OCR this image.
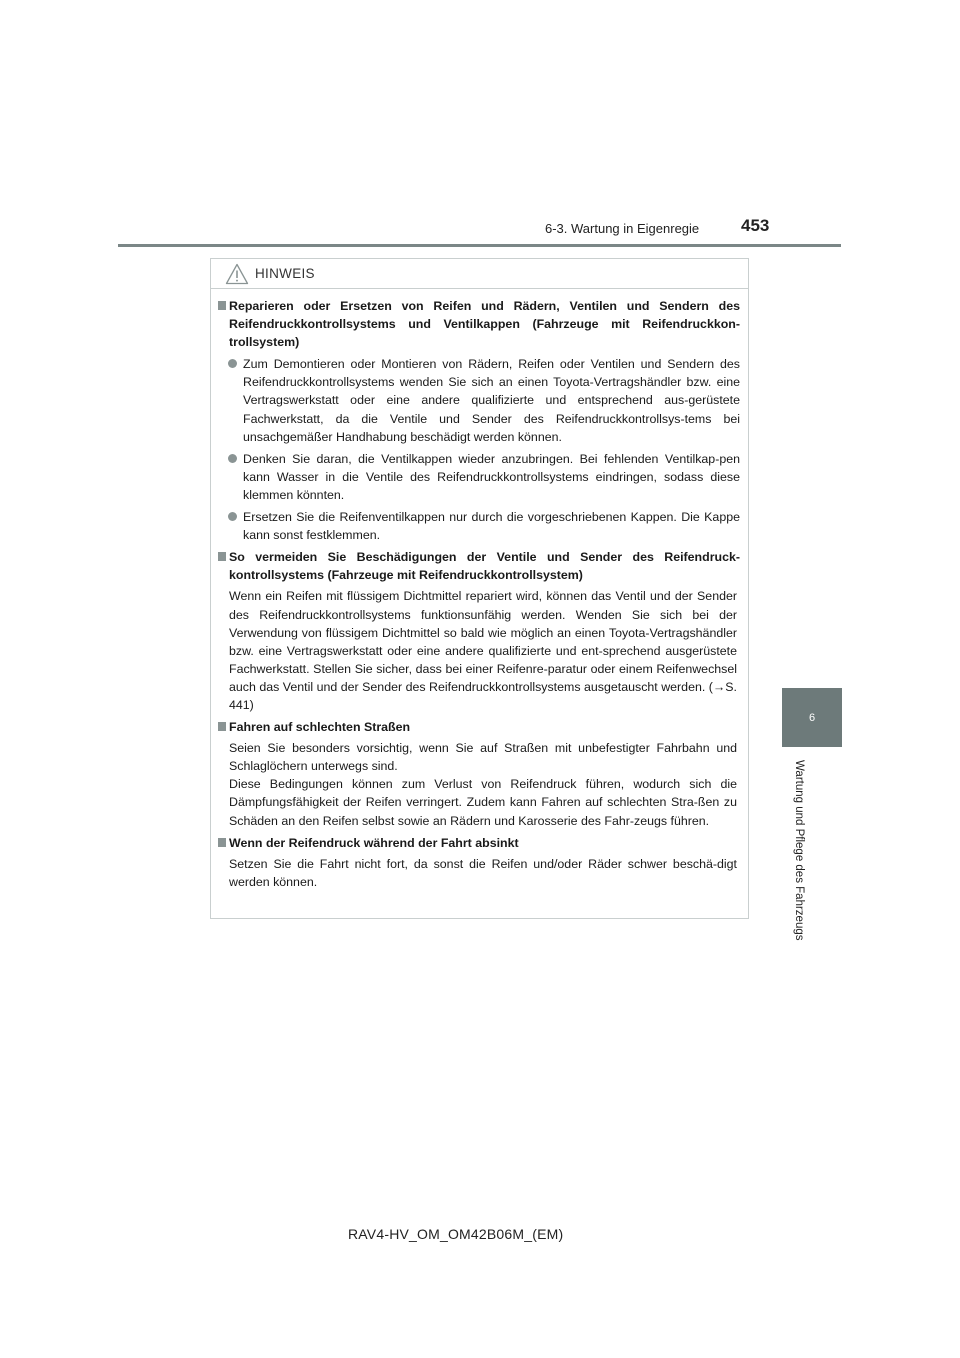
6-3. Wartung in Eigenregie 453
6
Wartung und Pflege des Fahrzeugs
HINWEIS
Reparieren oder Ersetzen von Reifen und Rädern, Ventilen und Sendern des Reifendruckkontrollsystems und Ventilkappen (Fahrzeuge mit Reifendruckkon-trollsystem)
Zum Demontieren oder Montieren von Rädern, Reifen oder Ventilen und Sendern des Reifendruckkontrollsystems wenden Sie sich an einen Toyota-Vertragshändler bzw. eine Vertragswerkstatt oder eine andere qualifizierte und entsprechend aus-gerüstete Fachwerkstatt, da die Ventile und Sender des Reifendruckkontrollsys-tems bei unsachgemäßer Handhabung beschädigt werden können.
Denken Sie daran, die Ventilkappen wieder anzubringen. Bei fehlenden Ventilkap-pen kann Wasser in die Ventile des Reifendruckkontrollsystems eindringen, sodass diese klemmen könnten.
Ersetzen Sie die Reifenventilkappen nur durch die vorgeschriebenen Kappen. Die Kappe kann sonst festklemmen.
So vermeiden Sie Beschädigungen der Ventile und Sender des Reifendruck-kontrollsystems (Fahrzeuge mit Reifendruckkontrollsystem)
Wenn ein Reifen mit flüssigem Dichtmittel repariert wird, können das Ventil und der Sender des Reifendruckkontrollsystems funktionsunfähig werden. Wenden Sie sich bei der Verwendung von flüssigem Dichtmittel so bald wie möglich an einen Toyota-Vertragshändler bzw. eine Vertragswerkstatt oder eine andere qualifizierte und ent-sprechend ausgerüstete Fachwerkstatt. Stellen Sie sicher, dass bei einer Reifenre-paratur oder einem Reifenwechsel auch das Ventil und der Sender des Reifendruckkontrollsystems ausgetauscht werden. (→S. 441)
Fahren auf schlechten Straßen
Seien Sie besonders vorsichtig, wenn Sie auf Straßen mit unbefestigter Fahrbahn und Schlaglöchern unterwegs sind.
Diese Bedingungen können zum Verlust von Reifendruck führen, wodurch sich die Dämpfungsfähigkeit der Reifen verringert. Zudem kann Fahren auf schlechten Stra-ßen zu Schäden an den Reifen selbst sowie an Rädern und Karosserie des Fahr-zeugs führen.
Wenn der Reifendruck während der Fahrt absinkt
Setzen Sie die Fahrt nicht fort, da sonst die Reifen und/oder Räder schwer beschä-digt werden können.
RAV4-HV_OM_OM42B06M_(EM)
